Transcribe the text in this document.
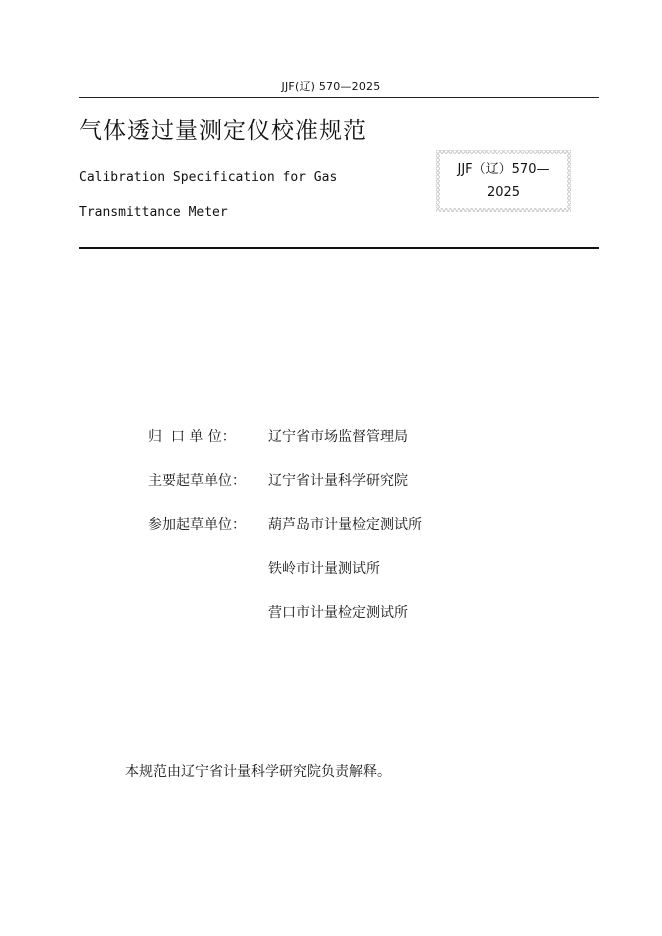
JJF(辽) 570—2025
气体透过量测定仪校准规范
Calibration Specification for Gas
Transmittance Meter
JJF（辽）570—
2025
归  口 单 位：	辽宁省市场监督管理局
主要起草单位：	辽宁省计量科学研究院
参加起草单位：	葫芦岛市计量检定测试所
铁岭市计量测试所
营口市计量检定测试所
本规范由辽宁省计量科学研究院负责解释。
